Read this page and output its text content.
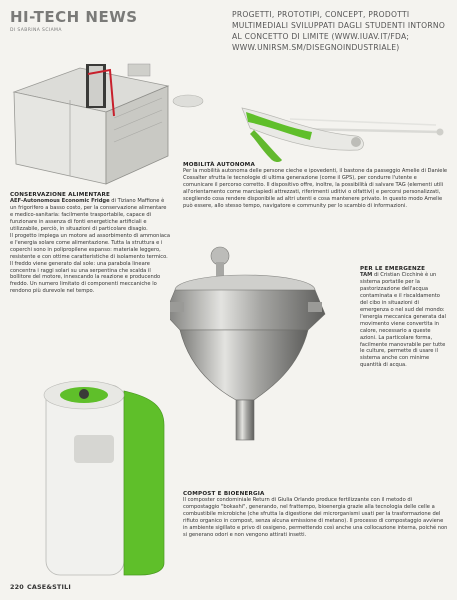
HI-TECH NEWS
DI SABRINA SCIAMA
PROGETTI, PROTOTIPI, CONCEPT, PRODOTTI MULTIMEDIALI SVILUPPATI DAGLI STUDENTI INTORNO AL CONCETTO DI LIMITE (WWW.IUAV.IT/FDA; WWW.UNIRSM.SM/DISEGNOINDUSTRIALE)
CONSERVAZIONE ALIMENTARE
AEF-Autonomous Economic Fridge di Tiziano Maffione è un frigorifero a basso costo, per la conservazione alimentare e medico-sanitaria: facilmente trasportabile, capace di funzionare in assenza di fonti energetiche artificiali e utilizzabile, perciò, in situazioni di particolare disagio.
Il progetto impiega un motore ad assorbimento di ammoniaca e l'energia solare come alimentazione. Tutta la struttura e i coperchi sono in polipropilene espanso: materiale leggero, resistente e con ottime caratteristiche di isolamento termico. Il freddo viene generato dal sole: una parabola lineare concentra i raggi solari su una serpentina che scalda il bollitore del motore, innescando la reazione e producendo freddo. Un numero limitato di componenti meccaniche lo rendono più durevole nel tempo.
MOBILITÀ AUTONOMA
Per la mobilità autonoma delle persone cieche e ipovedenti, il bastone da passeggio Amelie di Daniele Cossalter sfrutta le tecnologie di ultima generazione (come il GPS), per condurre l'utente e comunicare il percorso corretto. Il dispositivo offre, inoltre, la possibilità di salvare TAG (elementi utili all'orientamento come marciapiedi attrezzati, riferimenti uditivi o olfattivi) e percorsi personalizzati, scegliendo cosa rendere disponibile ad altri utenti e cosa mantenere privato. In questo modo Amelie può essere, allo stesso tempo, navigatore e community per lo scambio di informazioni.
PER LE EMERGENZE
TAM di Cristian Cicchinè è un sistema portatile per la pastorizzazione dell'acqua contaminata e il riscaldamento del cibo in situazioni di emergenza o nel sud del mondo: l'energia meccanica generata dal movimento viene convertita in calore, necessario a queste azioni. La particolare forma, facilmente manovrabile per tutte le culture, permette di usare il sistema anche con minime quantità di acqua.
COMPOST E BIOENERGIA
Il composter condominiale Return di Giulia Orlando produce fertilizzante con il metodo di compostaggio "bokashi", generando, nel frattempo, bioenergia grazie alla tecnologia delle celle a combustibile microbiche (che sfrutta la digestione dei microrganismi usati per la trasformazione del rifiuto organico in compost, senza alcuna emissione di metano). Il processo di compostaggio avviene in ambiente sigillato e privo di ossigeno, permettendo così anche una collocazione interna, poiché non si generano odori e non vengono attirati insetti.
220 CASE&STILI
